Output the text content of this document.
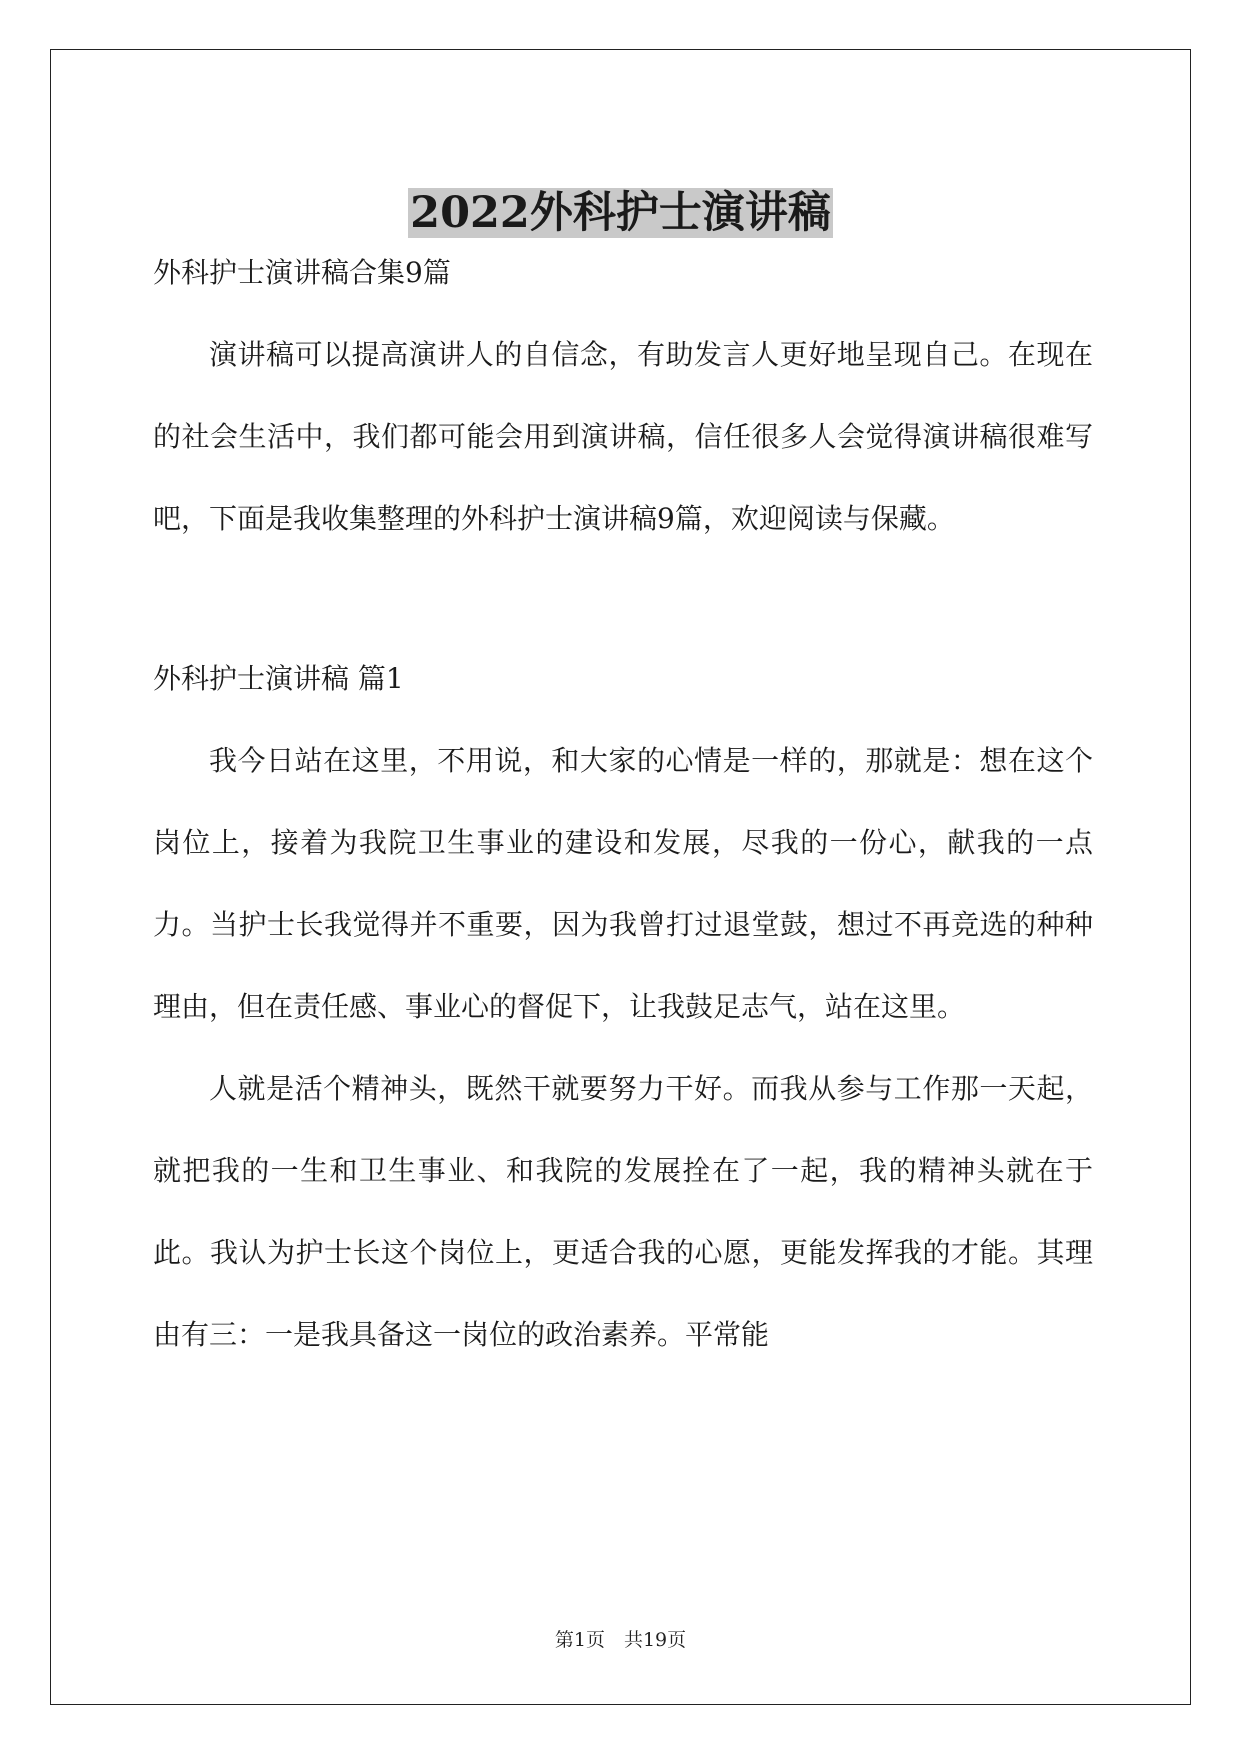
2022外科护士演讲稿

外科护士演讲稿合集9篇

演讲稿可以提高演讲人的自信念，有助发言人更好地呈现自己。在现在的社会生活中，我们都可能会用到演讲稿，信任很多人会觉得演讲稿很难写吧，下面是我收集整理的外科护士演讲稿9篇，欢迎阅读与保藏。

外科护士演讲稿 篇1

我今日站在这里，不用说，和大家的心情是一样的，那就是：想在这个岗位上，接着为我院卫生事业的建设和发展，尽我的一份心，献我的一点力。当护士长我觉得并不重要，因为我曾打过退堂鼓，想过不再竞选的种种理由，但在责任感、事业心的督促下，让我鼓足志气，站在这里。

人就是活个精神头，既然干就要努力干好。而我从参与工作那一天起，就把我的一生和卫生事业、和我院的发展拴在了一起，我的精神头就在于此。我认为护士长这个岗位上，更适合我的心愿，更能发挥我的才能。其理由有三：一是我具备这一岗位的政治素养。平常能

第1页　共19页
